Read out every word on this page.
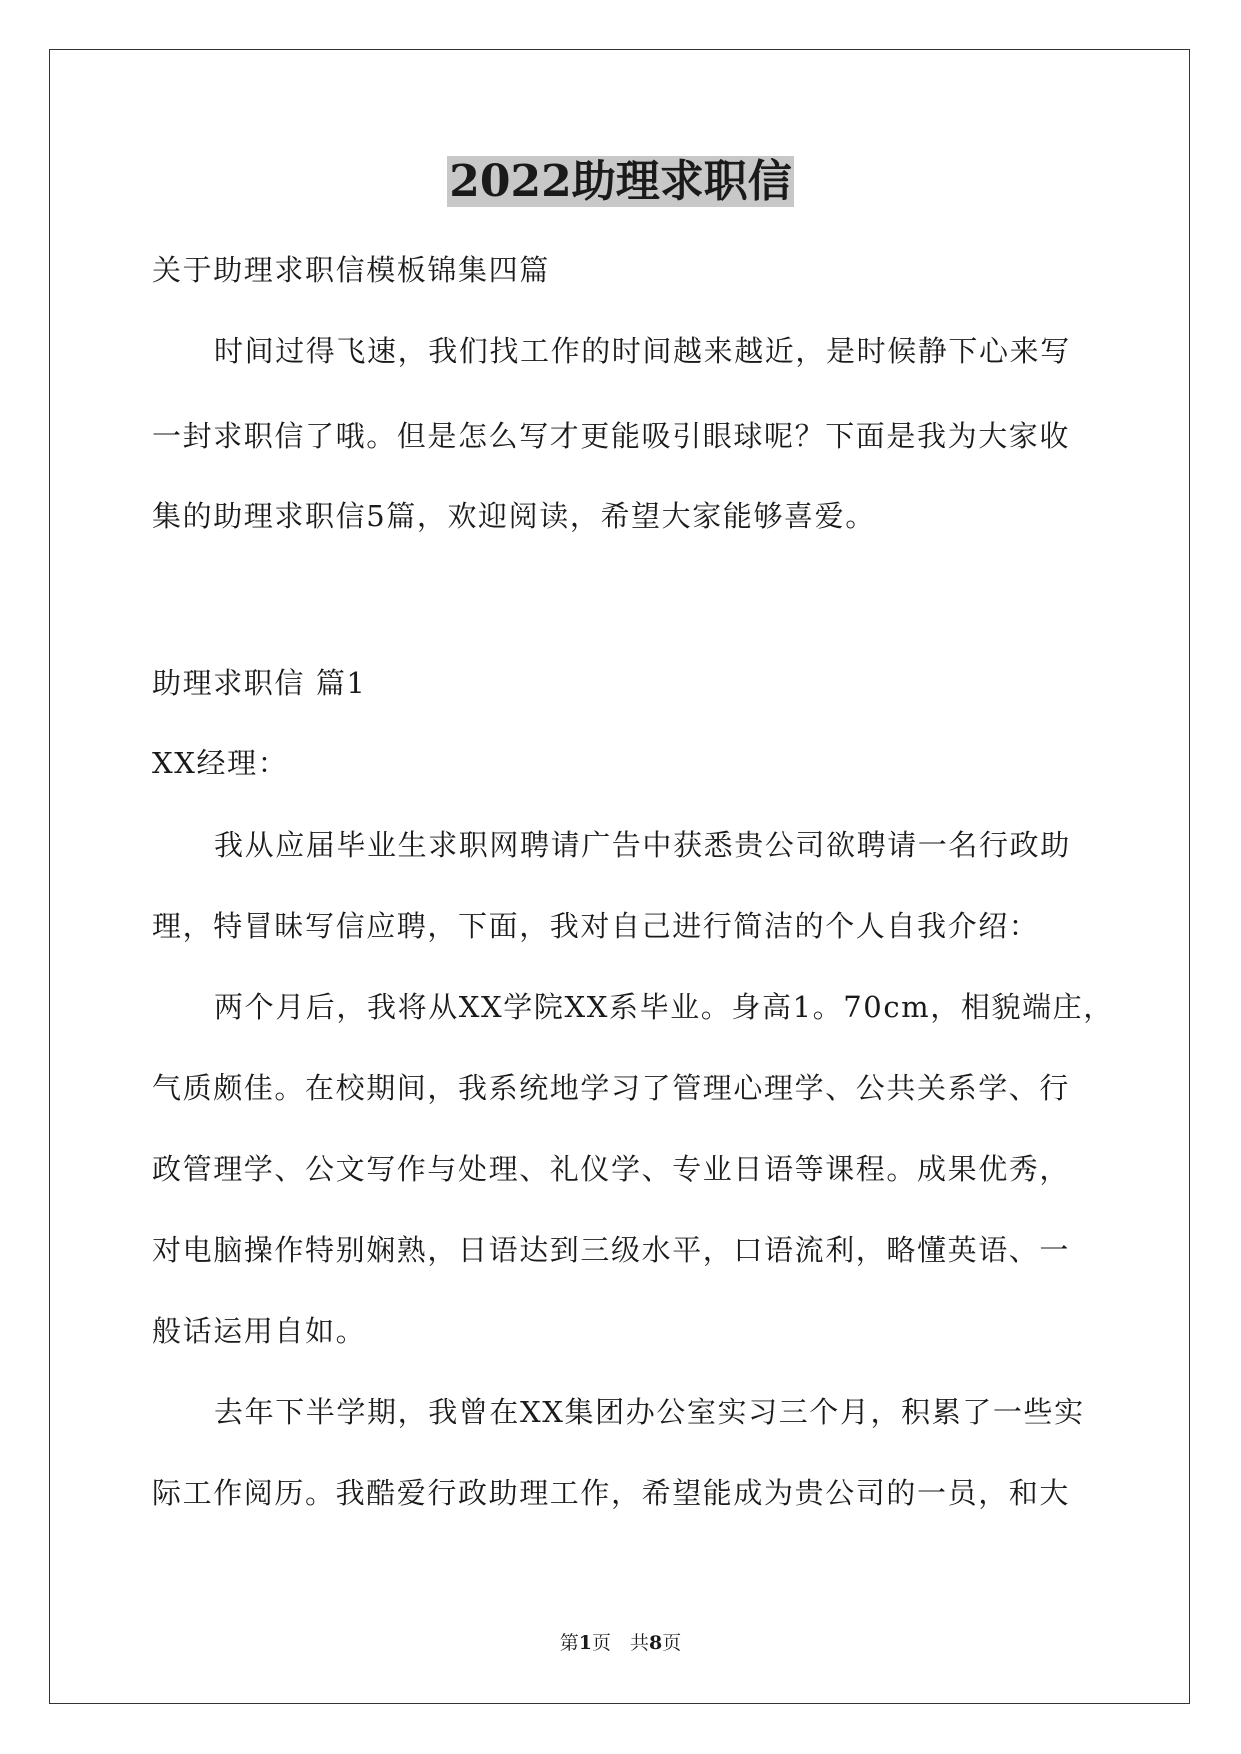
2022助理求职信
关于助理求职信模板锦集四篇
时间过得飞速，我们找工作的时间越来越近，是时候静下心来写
一封求职信了哦。但是怎么写才更能吸引眼球呢？下面是我为大家收
集的助理求职信5篇，欢迎阅读，希望大家能够喜爱。
助理求职信 篇1
XX经理：
我从应届毕业生求职网聘请广告中获悉贵公司欲聘请一名行政助
理，特冒昧写信应聘，下面，我对自己进行简洁的个人自我介绍：
两个月后，我将从XX学院XX系毕业。身高1。70cm，相貌端庄，
气质颇佳。在校期间，我系统地学习了管理心理学、公共关系学、行
政管理学、公文写作与处理、礼仪学、专业日语等课程。成果优秀，
对电脑操作特别娴熟，日语达到三级水平，口语流利，略懂英语、一
般话运用自如。
去年下半学期，我曾在XX集团办公室实习三个月，积累了一些实
际工作阅历。我酷爱行政助理工作，希望能成为贵公司的一员，和大
第1页　共8页
